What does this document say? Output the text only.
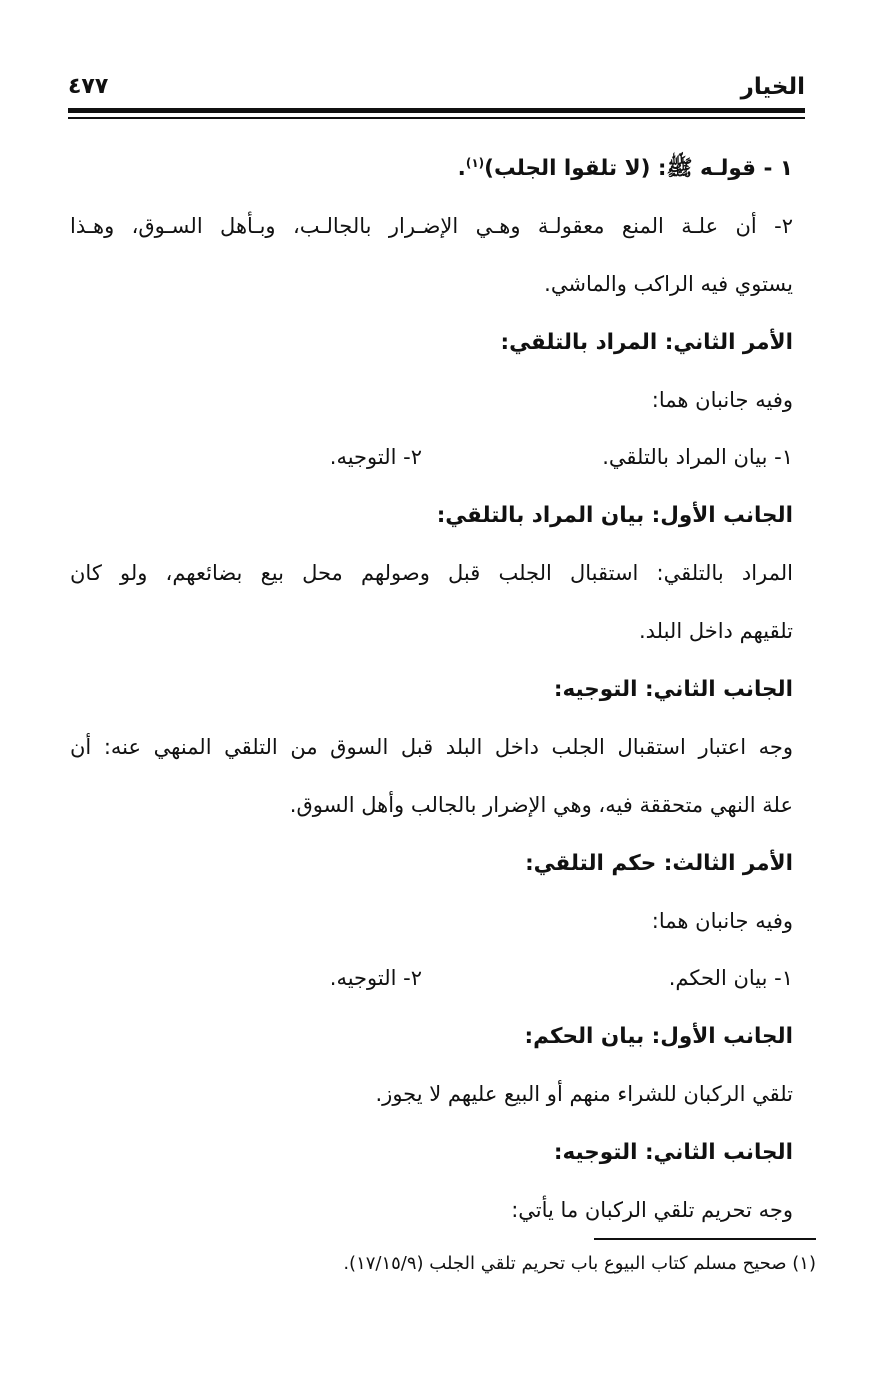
الخيار
٤٧٧
١ - قولـه ﷺ: (لا تلقوا الجلب)$^{(١)}$.
٢- أن علـة المنع معقولـة وهـي الإضـرار بالجالـب، وبـأهل السـوق، وهـذا
يستوي فيه الراكب والماشي.
الأمر الثاني: المراد بالتلقي:
وفيه جانبان هما:
١- بيان المراد بالتلقي.
٢- التوجيه.
الجانب الأول: بيان المراد بالتلقي:
المراد بالتلقي: استقبال الجلب قبل وصولهم محل بيع بضائعهم، ولو كان
تلقيهم داخل البلد.
الجانب الثاني: التوجيه:
وجه اعتبار استقبال الجلب داخل البلد قبل السوق من التلقي المنهي عنه: أن
علة النهي متحققة فيه، وهي الإضرار بالجالب وأهل السوق.
الأمر الثالث: حكم التلقي:
وفيه جانبان هما:
١- بيان الحكم.
٢- التوجيه.
الجانب الأول: بيان الحكم:
تلقي الركبان للشراء منهم أو البيع عليهم لا يجوز.
الجانب الثاني: التوجيه:
وجه تحريم تلقي الركبان ما يأتي:
(١) صحيح مسلم كتاب البيوع باب تحريم تلقي الجلب (١٧/١٥/٩).
